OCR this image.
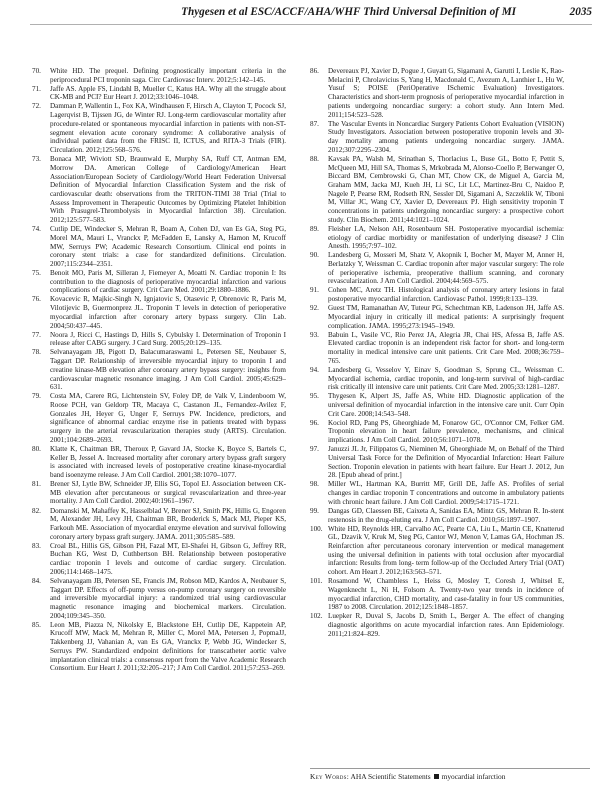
Thygesen et al ESC/ACCF/AHA/WHF Third Universal Definition of MI	2035
70. White HD. The prequel. Defining prognostically important criteria in the periprocedural PCI troponin saga. Circ Cardiovasc Interv. 2012;5:142–145.
71. Jaffe AS. Apple FS, Lindahl B, Mueller C, Katus HA. Why all the struggle about CK-MB and PCI? Eur Heart J. 2012;33:1046–1048.
72. Damman P, Wallentin L, Fox KA, Windhausen F, Hirsch A, Clayton T, Pocock SJ, Lagerqvist B, Tijssen JG, de Winter RJ. Long-term cardiovascular mortality after procedure-related or spontaneous myocardial infarction in patients with non-ST-segment elevation acute coronary syndrome: A collaborative analysis of individual patient data from the FRISC II, ICTUS, and RITA-3 Trials (FIR). Circulation. 2012;125:568–576.
73. Bonaca MP, Wiviott SD, Braunwald E, Murphy SA, Ruff CT, Antman EM, Morrow DA. American College of Cardiology/American Heart Association/European Society of Cardiology/World Heart Federation Universal Definition of Myocardial Infarction Classification System and the risk of cardiovascular death: observations from the TRITON-TIMI 38 Trial (Trial to Assess Improvement in Therapeutic Outcomes by Optimizing Platelet Inhibition With Prasugrel-Thrombolysis in Myocardial Infarction 38). Circulation. 2012;125:577–583.
74. Cutlip DE, Windecker S, Mehran R, Boam A, Cohen DJ, van Es GA, Steg PG, Morel MA, Mauri L, Vranckx P, McFadden E, Lansky A, Hamon M, Krucoff MW, Serruys PW; Academic Research Consortium. Clinical end points in coronary stent trials: a case for standardized definitions. Circulation. 2007;115:2344–2351.
75. Benoit MO, Paris M, Silleran J, Fiemeyer A, Moatti N. Cardiac troponin I: Its contribution to the diagnosis of perioperative myocardial infarction and various complications of cardiac surgery. Crit Care Med. 2001;29:1880–1886.
76. Kovacevic R, Majkic-Singh N, Ignjatovic S, Otasevic P, Obrenovic R, Paris M, Vilotijevic B, Guermonprez JL. Troponin T levels in detection of perioperative myocardial infarction after coronary artery bypass surgery. Clin Lab. 2004;50:437–445.
77. Noora J, Ricci C, Hastings D, Hills S, Cybulsky I. Determination of Troponin I release after CABG surgery. J Card Surg. 2005;20:129–135.
78. Selvanayagam JB, Pigott D, Balacumaraswami L, Petersen SE, Neubauer S, Taggart DP. Relationship of irreversible myocardial injury to troponin I and creatine kinase-MB elevation after coronary artery bypass surgery: insights from cardiovascular magnetic resonance imaging. J Am Coll Cardiol. 2005;45:629–631.
79. Costa MA, Carere RG, Lichtenstein SV, Foley DP, de Valk V, Lindenboom W, Roose PCH, van Geldorp TR, Macaya C, Castanon JL, Fernandez-Avilez F, Gonzales JH, Heyer G, Unger F, Serruys PW. Incidence, predictors, and significance of abnormal cardiac enzyme rise in patients treated with bypass surgery in the arterial revascularization therapies study (ARTS). Circulation. 2001;104:2689–2693.
80. Klatte K, Chaitman BR, Theroux P, Gavard JA, Stocke K, Boyce S, Bartels C, Keller B, Jessel A. Increased mortality after coronary artery bypass graft surgery is associated with increased levels of postoperative creatine kinase-myocardial band isoenzyme release. J Am Coll Cardiol. 2001;38:1070–1077.
81. Brener SJ, Lytle BW, Schneider JP, Ellis SG, Topol EJ. Association between CK-MB elevation after percutaneous or surgical revascularization and three-year mortality. J Am Coll Cardiol. 2002;40:1961–1967.
82. Domanski M, Mahaffey K, Hasselblad V, Brener SJ, Smith PK, Hillis G, Engoren M, Alexander JH, Levy JH, Chaitman BR, Broderick S, Mack MJ, Pieper KS, Farkouh ME. Association of myocardial enzyme elevation and survival following coronary artery bypass graft surgery. JAMA. 2011;305:585–589.
83. Croal BL, Hillis GS, Gibson PH, Fazal MT, El-Shafei H, Gibson G, Jeffrey RR, Buchan KG, West D, Cuthbertson BH. Relationship between postoperative cardiac troponin I levels and outcome of cardiac surgery. Circulation. 2006;114:1468–1475.
84. Selvanayagam JB, Petersen SE, Francis JM, Robson MD, Kardos A, Neubauer S, Taggart DP. Effects of off-pump versus on-pump coronary surgery on reversible and irreversible myocardial injury: a randomized trial using cardiovascular magnetic resonance imaging and biochemical markers. Circulation. 2004;109:345–350.
85. Leon MB, Piazza N, Nikolsky E, Blackstone EH, Cutlip DE, Kappetein AP, Krucoff MW, Mack M, Mehran R, Miller C, Morel MA, Petersen J, PopmaJJ, Takkenberg JJ, Vahanian A, van Es GA, Vranckx P, Webb JG, Windecker S, Serruys PW. Standardized endpoint definitions for transcatheter aortic valve implantation clinical trials: a consensus report from the Valve Academic Research Consortium. Eur Heart J. 2011;32:205–217; J Am Coll Cardiol. 2011;57:253–269.
86. Devereaux PJ, Xavier D, Pogue J, Guyatt G, Sigamani A, Garutti I, Leslie K, Rao-Melacini P, Chrolavicius S, Yang H, Macdonald C, Avezum A, Lanthier L, Hu W, Yusuf S; POISE (PeriOperative ISchemic Evaluation) Investigators. Characteristics and short-term prognosis of perioperative myocardial infarction in patients undergoing noncardiac surgery: a cohort study. Ann Intern Med. 2011;154:523–528.
87. The Vascular Events in Noncardiac Surgery Patients Cohort Evaluation (VISION) Study Investigators. Association between postoperative troponin levels and 30-day mortality among patients undergoing noncardiac surgery. JAMA. 2012;307:2295–2304.
88. Kavsak PA, Walsh M, Srinathan S, Thorlacius L, Buse GL, Botto F, Pettit S, McQueen MJ, Hill SA, Thomas S, Mrkobrada M, Alonso-Coello P, Berwanger O, Biccard BM, Cembrowski G, Chan MT, Chow CK, de Miguel A, Garcia M, Graham MM, Jacka MJ, Kueh JH, Li SC, Lit LC, Martinez-Bru C, Naidoo P, Nagele P, Pearse RM, Rodseth RN, Sessler DI, Sigamani A, Szczeklik W, Tiboni M, Villar JC, Wang CY, Xavier D, Devereaux PJ. High sensitivity troponin T concentrations in patients undergoing noncardiac surgery: a prospective cohort study. Clin Biochem. 2011;44:1021–1024.
89. Fleisher LA, Nelson AH, Rosenbaum SH. Postoperative myocardial ischemia: etiology of cardiac morbidity or manifestation of underlying disease? J Clin Anesth. 1995;7:97–102.
90. Landesberg G, Mosseri M, Shatz V, Akopnik I, Bocher M, Mayer M, Anner H, Berlatzky Y, Weissman C. Cardiac troponin after major vascular surgery: The role of perioperative ischemia, preoperative thallium scanning, and coronary revascularization. J Am Coll Cardiol. 2004;44:569–575.
91. Cohen MC, Aretz TH. Histological analysis of coronary artery lesions in fatal postoperative myocardial infarction. Cardiovasc Pathol. 1999;8:133–139.
92. Guest TM, Ramanathan AV, Tuteur PG, Schechtman KB, Ladenson JH, Jaffe AS. Myocardial injury in critically ill medical patients: A surprisingly frequent complication. JAMA. 1995;273:1945–1949.
93. Babuin L, Vasile VC, Rio Perez JA, Alegria JR, Chai HS, Afessa B, Jaffe AS. Elevated cardiac troponin is an independent risk factor for short- and long-term mortality in medical intensive care unit patients. Crit Care Med. 2008;36:759–765.
94. Landesberg G, Vesselov Y, Einav S, Goodman S, Sprung CL, Weissman C. Myocardial ischemia, cardiac troponin, and long-term survival of high-cardiac risk critically ill intensive care unit patients. Crit Care Med. 2005;33:1281–1287.
95. Thygesen K, Alpert JS, Jaffe AS, White HD. Diagnostic application of the universal definition of myocardial infarction in the intensive care unit. Curr Opin Crit Care. 2008;14:543–548.
96. Kociol RD, Pang PS, Gheorghiade M, Fonarow GC, O'Connor CM, Felker GM. Troponin elevation in heart failure prevalence, mechanisms, and clinical implications. J Am Coll Cardiol. 2010;56:1071–1078.
97. Januzzi JL Jr, Filippatos G, Nieminen M, Gheorghiade M, on Behalf of the Third Universal Task Force for the Definition of Myocardial Infarction: Heart Failure Section. Troponin elevation in patients with heart failure. Eur Heart J. 2012, Jun 28. [Epub ahead of print.]
98. Miller WL, Hartman KA, Burritt MF, Grill DE, Jaffe AS. Profiles of serial changes in cardiac troponin T concentrations and outcome in ambulatory patients with chronic heart failure. J Am Coll Cardiol. 2009;54:1715–1721.
99. Dangas GD, Claessen BE, Caixeta A, Sanidas EA, Mintz GS, Mehran R. In-stent restenosis in the drug-eluting era. J Am Coll Cardiol. 2010;56:1897–1907.
100. White HD, Reynolds HR, Carvalho AC, Pearte CA, Liu L, Martin CE, Knatterud GL, Dzavik V, Kruk M, Steg PG, Cantor WJ, Menon V, Lamas GA, Hochman JS. Reinfarction after percutaneous coronary intervention or medical management using the universal definition in patients with total occlusion after myocardial infarction: Results from long- term follow-up of the Occluded Artery Trial (OAT) cohort. Am Heart J. 2012;163:563–571.
101. Rosamond W, Chambless L, Heiss G, Mosley T, Coresh J, Whitsel E, Wagenknecht L, Ni H, Folsom A. Twenty-two year trends in incidence of myocardial infarction, CHD mortality, and case-fatality in four US communities, 1987 to 2008. Circulation. 2012;125:1848–1857.
102. Luepker R, Duval S, Jacobs D, Smith L, Berger A. The effect of changing diagnostic algorithms on acute myocardial infarction rates. Ann Epidemiology. 2011;21:824–829.
Key Words: AHA Scientific Statements myocardial infarction
